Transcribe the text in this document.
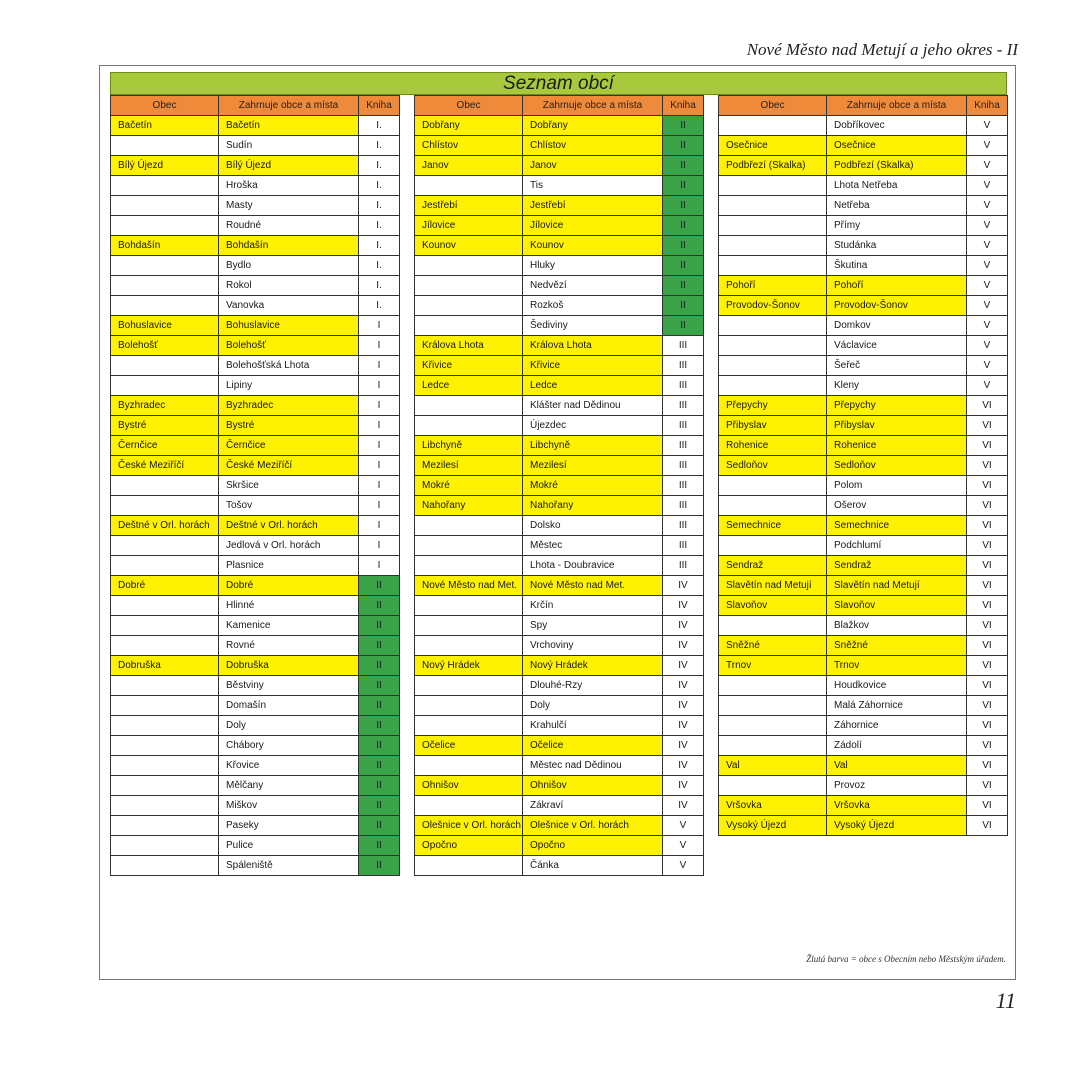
Nové Město nad Metují a jeho okres - II
Seznam obcí
Obec	Zahrnuje obce a místa	Kniha
Bačetín	Bačetín	I.
	Sudín	I.
Bílý Újezd	Bílý Újezd	I.
	Hroška	I.
	Masty	I.
	Roudné	I.
Bohdašín	Bohdašín	I.
	Bydlo	I.
	Rokol	I.
	Vanovka	I.
Bohuslavice	Bohuslavice	I
Bolehošť	Bolehošť	I
	Bolehošťská Lhota	I
	Lipiny	I
Byzhradec	Byzhradec	I
Bystré	Bystré	I
Černčice	Černčice	I
České Meziříčí	České Meziříčí	I
	Skršice	I
	Tošov	I
Deštné v Orl. horách	Deštné v Orl. horách	I
	Jedlová v Orl. horách	I
	Plasnice	I
Dobré	Dobré	II
	Hlinné	II
	Kamenice	II
	Rovné	II
Dobruška	Dobruška	II
	Běstviny	II
	Domašín	II
	Doly	II
	Chábory	II
	Křovice	II
	Mělčany	II
	Miškov	II
	Paseky	II
	Pulice	II
	Spáleniště	II
Obec	Zahrnuje obce a místa	Kniha
Dobřany	Dobřany	II
Chlístov	Chlístov	II
Janov	Janov	II
	Tis	II
Jestřebí	Jestřebí	II
Jílovice	Jílovice	II
Kounov	Kounov	II
	Hluky	II
	Nedvězí	II
	Rozkoš	II
	Šediviny	II
Králova Lhota	Králova Lhota	III
Křivice	Křivice	III
Ledce	Ledce	III
	Klášter nad Dědinou	III
	Újezdec	III
Libchyně	Libchyně	III
Mezilesí	Mezilesí	III
Mokré	Mokré	III
Nahořany	Nahořany	III
	Dolsko	III
	Městec	III
	Lhota - Doubravice	III
Nové Město nad Met.	Nové Město nad Met.	IV
	Krčín	IV
	Spy	IV
	Vrchoviny	IV
Nový Hrádek	Nový Hrádek	IV
	Dlouhé-Rzy	IV
	Doly	IV
	Krahulčí	IV
Očelice	Očelice	IV
	Městec nad Dědinou	IV
Ohnišov	Ohnišov	IV
	Zákraví	IV
Olešnice v Orl. horách	Olešnice v Orl. horách	V
Opočno	Opočno	V
	Čánka	V
Obec	Zahrnuje obce a místa	Kniha
	Dobříkovec	V
Osečnice	Osečnice	V
Podbřezí (Skalka)	Podbřezí (Skalka)	V
	Lhota Netřeba	V
	Netřeba	V
	Přímy	V
	Studánka	V
	Škutina	V
Pohoří	Pohoří	V
Provodov-Šonov	Provodov-Šonov	V
	Domkov	V
	Václavice	V
	Šeřeč	V
	Kleny	V
Přepychy	Přepychy	VI
Přibyslav	Přibyslav	VI
Rohenice	Rohenice	VI
Sedloňov	Sedloňov	VI
	Polom	VI
	Ošerov	VI
Semechnice	Semechnice	VI
	Podchlumí	VI
Sendraž	Sendraž	VI
Slavětín nad Metují	Slavětín nad Metují	VI
Slavoňov	Slavoňov	VI
	Blažkov	VI
Sněžné	Sněžné	VI
Trnov	Trnov	VI
	Houdkovice	VI
	Malá Záhornice	VI
	Záhornice	VI
	Zádolí	VI
Val	Val	VI
	Provoz	VI
Vršovka	Vršovka	VI
Vysoký Újezd	Vysoký Újezd	VI
Žlutá barva = obce s Obecním nebo Městským úřadem.
11
